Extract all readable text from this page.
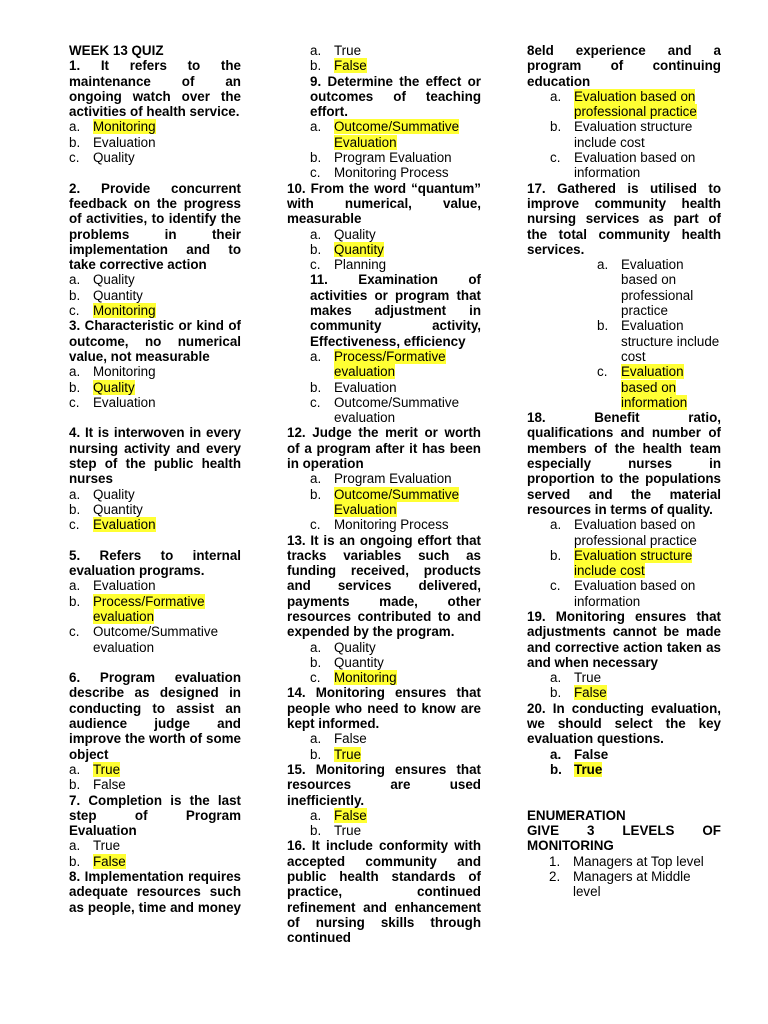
WEEK 13 QUIZ
1. It refers to the maintenance of an ongoing watch over the activities of health service.
a. Monitoring
b. Evaluation
c. Quality
2. Provide concurrent feedback on the progress of activities, to identify the problems in their implementation and to take corrective action
a. Quality
b. Quantity
c. Monitoring
3. Characteristic or kind of outcome, no numerical value, not measurable
a. Monitoring
b. Quality
c. Evaluation
4. It is interwoven in every nursing activity and every step of the public health nurses
a. Quality
b. Quantity
c. Evaluation
5. Refers to internal evaluation programs.
a. Evaluation
b. Process/Formative evaluation
c. Outcome/Summative evaluation
6. Program evaluation describe as designed in conducting to assist an audience judge and improve the worth of some object
a. True
b. False
7. Completion is the last step of Program Evaluation
a. True
b. False
8. Implementation requires adequate resources such as people, time and money
a. True
b. False
9. Determine the effect or outcomes of teaching effort.
a. Outcome/Summative Evaluation
b. Program Evaluation
c. Monitoring Process
10. From the word “quantum” with numerical, value, measurable
a. Quality
b. Quantity
c. Planning
11. Examination of activities or program that makes adjustment in community activity, Effectiveness, efficiency
a. Process/Formative evaluation
b. Evaluation
c. Outcome/Summative evaluation
12. Judge the merit or worth of a program after it has been in operation
a. Program Evaluation
b. Outcome/Summative Evaluation
c. Monitoring Process
13. It is an ongoing effort that tracks variables such as funding received, products and services delivered, payments made, other resources contributed to and expended by the program.
a. Quality
b. Quantity
c. Monitoring
14. Monitoring ensures that people who need to know are kept informed.
a. False
b. True
15. Monitoring ensures that resources are used inefficiently.
a. False
b. True
16. It include conformity with accepted community and public health standards of practice, continued refinement and enhancement of nursing skills through continued
8eld experience and a program of continuing education
a. Evaluation based on professional practice
b. Evaluation structure include cost
c. Evaluation based on information
17. Gathered is utilised to improve community health nursing services as part of the total community health services.
a. Evaluation based on professional practice
b. Evaluation structure include cost
c. Evaluation based on information
18. Benefit ratio, qualifications and number of members of the health team especially nurses in proportion to the populations served and the material resources in terms of quality.
a. Evaluation based on professional practice
b. Evaluation structure include cost
c. Evaluation based on information
19. Monitoring ensures that adjustments cannot be made and corrective action taken as and when necessary
a. True
b. False
20. In conducting evaluation, we should select the key evaluation questions.
a. False
b. True
ENUMERATION
GIVE 3 LEVELS OF MONITORING
1. Managers at Top level
2. Managers at Middle level
